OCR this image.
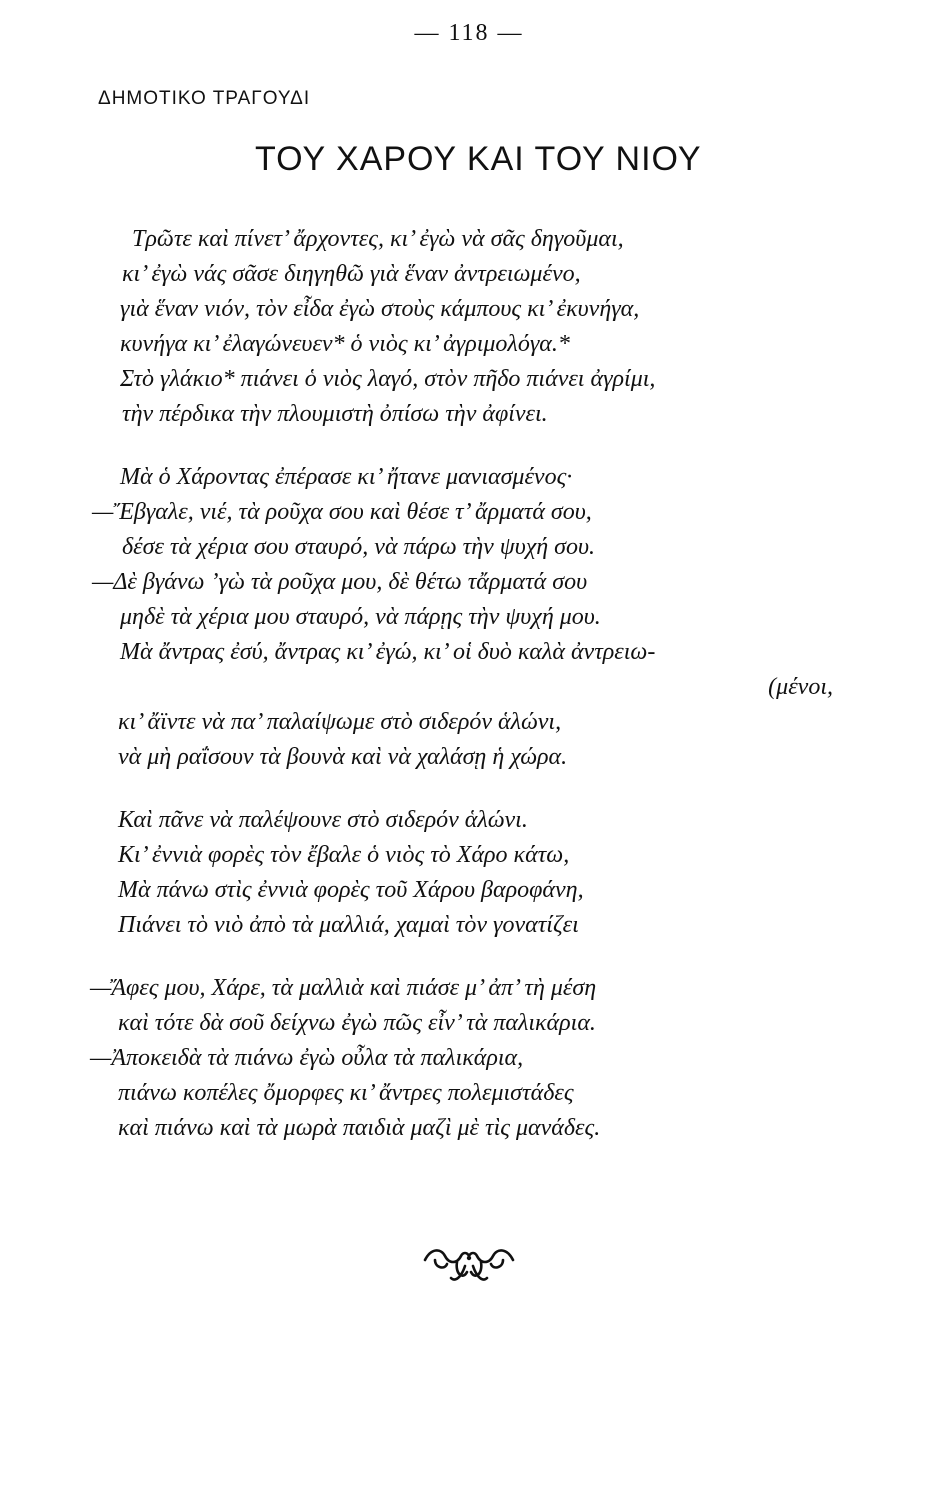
— 118 —
ΔΗΜΟΤΙΚΟ ΤΡΑΓΟΥΔΙ
ΤΟΥ ΧΑΡΟΥ ΚΑΙ ΤΟΥ ΝΙΟΥ
Τρῶτε καὶ πίνετ’ ἄρχοντες, κι’ ἐγὼ νὰ σᾶς δηγοῦμαι,
κι’ ἐγὼ νάς σᾶσε διηγηθῶ γιὰ ἕναν ἀντρειωμένο,
γιὰ ἕναν νιόν, τὸν εἶδα ἐγὼ στοὺς κάμπους κι’ ἐκυνήγα,
κυνήγα κι’ ἐλαγώνευεν* ὁ νιὸς κι’ ἀγριμολόγα.*
Στὸ γλάκιο* πιάνει ὁ νιὸς λαγό, στὸν πῆδο πιάνει ἀγρίμι,
τὴν πέρδικα τὴν πλουμιστὴ ὀπίσω τὴν ἀφίνει.
Μὰ ὁ Χάροντας ἐπέρασε κι’ ἤτανε μανιασμένος·
—Ἔβγαλε, νιέ, τὰ ροῦχα σου καὶ θέσε τ’ ἄρματά σου,
δέσε τὰ χέρια σου σταυρό, νὰ πάρω τὴν ψυχή σου.
—Δὲ βγάνω ’γὼ τὰ ροῦχα μου, δὲ θέτω τἄρματά σου
μηδὲ τὰ χέρια μου σταυρό, νὰ πάρῃς τὴν ψυχή μου.
Μὰ ἄντρας ἐσύ, ἄντρας κι’ ἐγώ, κι’ οἱ δυὸ καλὰ ἀντρειω-
(μένοι,
κι’ ἄϊντε νὰ πα’ παλαίψωμε στὸ σιδερόν ἁλώνι,
νὰ μὴ ραΐσουν τὰ βουνὰ καὶ νὰ χαλάσῃ ἡ χώρα.
Καὶ πᾶνε νὰ παλέψουνε στὸ σιδερόν ἁλώνι.
Κι’ ἐννιὰ φορὲς τὸν ἔβαλε ὁ νιὸς τὸ Χάρο κάτω,
Μὰ πάνω στὶς ἐννιὰ φορὲς τοῦ Χάρου βαροφάνη,
Πιάνει τὸ νιὸ ἀπὸ τὰ μαλλιά, χαμαὶ τὸν γονατίζει
—Ἄφες μου, Χάρε, τὰ μαλλιὰ καὶ πιάσε μ’ ἀπ’ τὴ μέση
καὶ τότε δὰ σοῦ δείχνω ἐγὼ πῶς εἶν’ τὰ παλικάρια.
—Ἀποκειδὰ τὰ πιάνω ἐγὼ οὖλα τὰ παλικάρια,
πιάνω κοπέλες ὄμορφες κι’ ἄντρες πολεμιστάδες
καὶ πιάνω καὶ τὰ μωρὰ παιδιὰ μαζὶ μὲ τὶς μανάδες.
